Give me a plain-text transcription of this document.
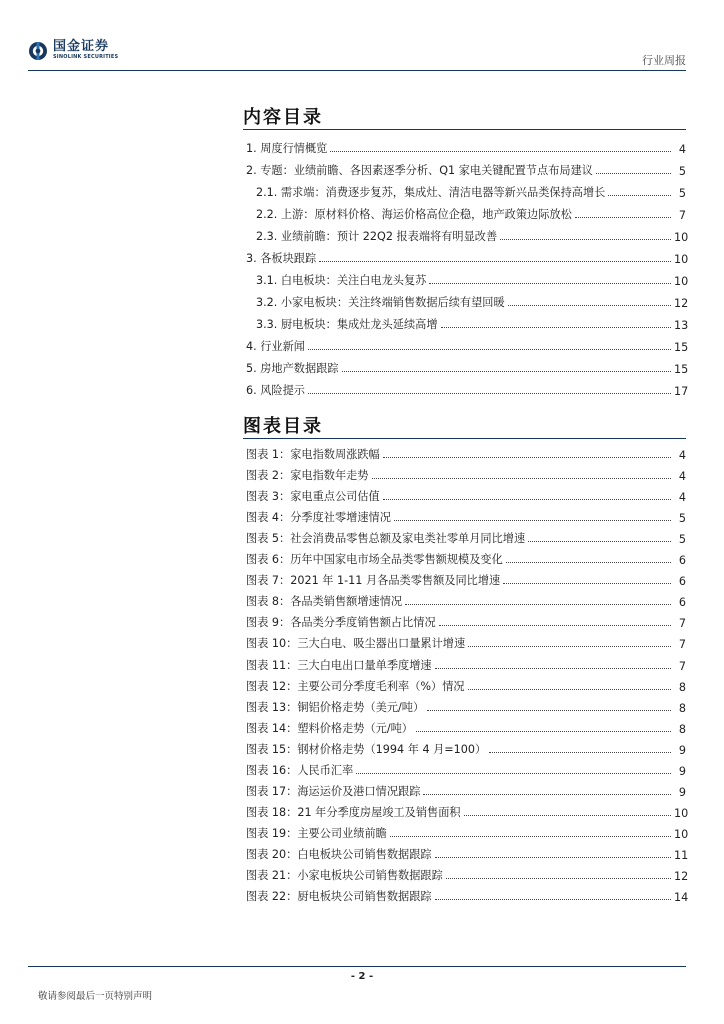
国金证券
SINOLINK SECURITIES	行业周报
内容目录
1. 周度行情概览	4
2. 专题：业绩前瞻、各因素逐季分析、Q1 家电关键配置节点布局建议	5
2.1. 需求端：消费逐步复苏，集成灶、清洁电器等新兴品类保持高增长	5
2.2. 上游：原材料价格、海运价格高位企稳，地产政策边际放松	7
2.3. 业绩前瞻：预计 22Q2 报表端将有明显改善	10
3. 各板块跟踪	10
3.1. 白电板块：关注白电龙头复苏	10
3.2. 小家电板块：关注终端销售数据后续有望回暖	12
3.3. 厨电板块：集成灶龙头延续高增	13
4. 行业新闻	15
5. 房地产数据跟踪	15
6. 风险提示	17
图表目录
图表 1：家电指数周涨跌幅	4
图表 2：家电指数年走势	4
图表 3：家电重点公司估值	4
图表 4：分季度社零增速情况	5
图表 5：社会消费品零售总额及家电类社零单月同比增速	5
图表 6：历年中国家电市场全品类零售额规模及变化	6
图表 7：2021 年 1-11 月各品类零售额及同比增速	6
图表 8：各品类销售额增速情况	6
图表 9：各品类分季度销售额占比情况	7
图表 10：三大白电、吸尘器出口量累计增速	7
图表 11：三大白电出口量单季度增速	7
图表 12：主要公司分季度毛利率（%）情况	8
图表 13：铜铝价格走势（美元/吨）	8
图表 14：塑料价格走势（元/吨）	8
图表 15：钢材价格走势（1994 年 4 月=100）	9
图表 16：人民币汇率	9
图表 17：海运运价及港口情况跟踪	9
图表 18：21 年分季度房屋竣工及销售面积	10
图表 19：主要公司业绩前瞻	10
图表 20：白电板块公司销售数据跟踪	11
图表 21：小家电板块公司销售数据跟踪	12
图表 22：厨电板块公司销售数据跟踪	14
- 2 -
敬请参阅最后一页特别声明
